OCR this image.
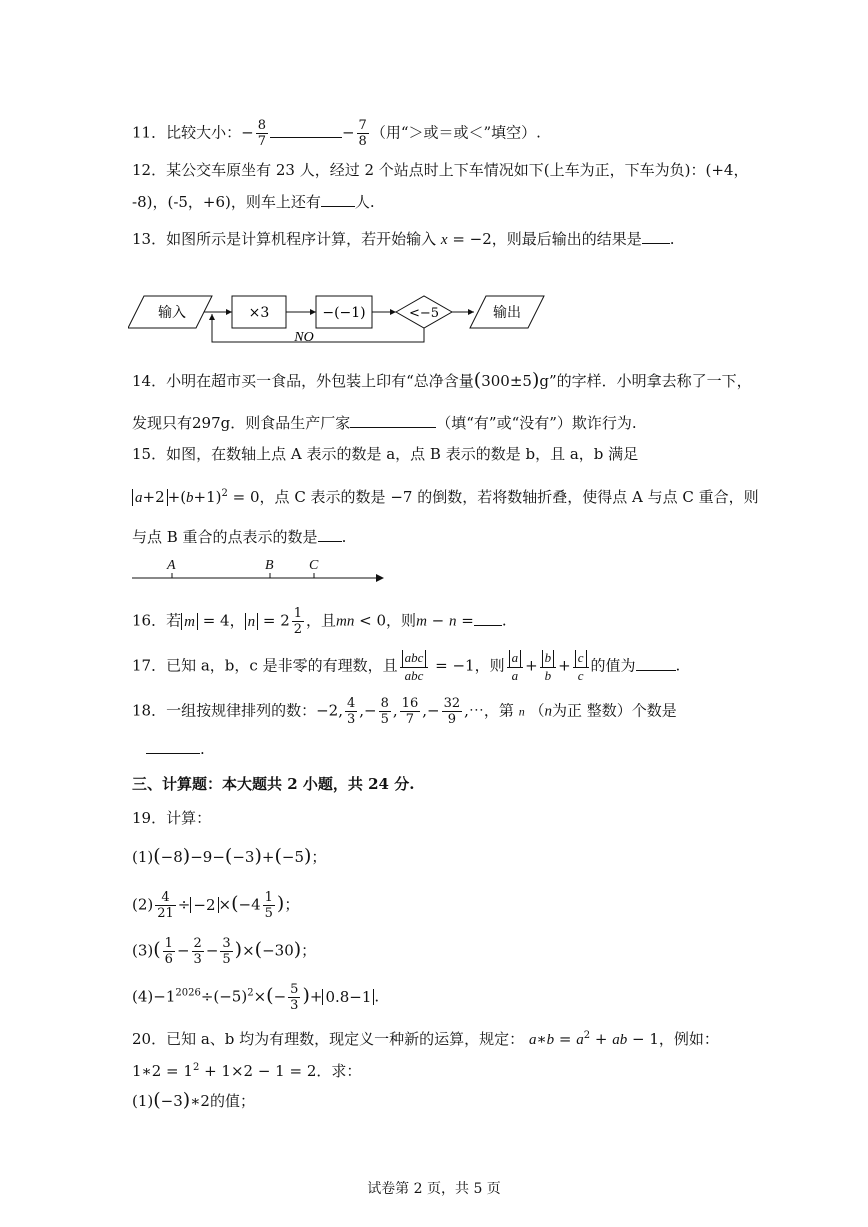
11．比较大小：− $\frac{8}{7}$	− $\frac{7}{8}$ （用“＞或＝或＜”填空）.
12．某公交车原坐有 23 人，经过 2 个站点时上下车情况如下(上车为正，下车为负)：(+4，
-8)，(-5，+6)，则车上还有 人.
13．如图所示是计算机程序计算，若开始输入 x = −2，则最后输出的结果是 .
输入	×3	−(−1)	<−5	输出
NO
14．小明在超市买一食品，外包装上印有“总净含量(300±5)g”的字样．小明拿去称了一下，
发现只有297g．则食品生产厂家	（填“有”或“没有”）欺诈行为.
15．如图，在数轴上点 A 表示的数是 a，点 B 表示的数是 b，且 a，b 满足
$a+2 +(b+1)^2 = 0$，点 C 表示的数是 −7 的倒数，若将数轴折叠，使得点 A 与点 C 重合，则
与点 B 重合的点表示的数是 .
A	B	C
16．若 m = 4， $n = 2 \frac{1}{2}$ ，且mn < 0，则m − n = .
17．已知 a，b，c 是非零的有理数，且 $\frac{\text{abc}}{\text{abc}} = -1$，则 $\frac{a}{a} + \frac{b}{b} + \frac{c}{c}$ 的值为	.
18．一组按规律排列的数：−2, $\frac{4}{3}$ ,− $\frac{8}{5}$ , $\frac{16}{7}$ ,− $\frac{32}{9}$ ,⋯，第 n （n为正 整数）个数是
.
三、计算题：本大题共 2 小题，共 24 分.
19．计算：
(1)(−8)−9−(−3)+(−5)；
$(2) \frac{4}{21} \div -2 \times(-4 \frac{1}{5}$ )；
$(3)( \frac{1}{6} - \frac{2}{3} - \frac{3}{5} )\times(-30)$；
$(4)-1^{2026}\div(-5)^2\times(- \frac{5}{3}$ )+ 0.8−1 .
20．已知 a、b 均为有理数，现定义一种新的运算，规定： a∗b = $a^2$ + ab − 1，例如：
1∗2 = $1^2 + 1\times 2 - 1 = 2$．求：
(1)(−3)∗2的值；
试卷第 2 页，共 5 页
